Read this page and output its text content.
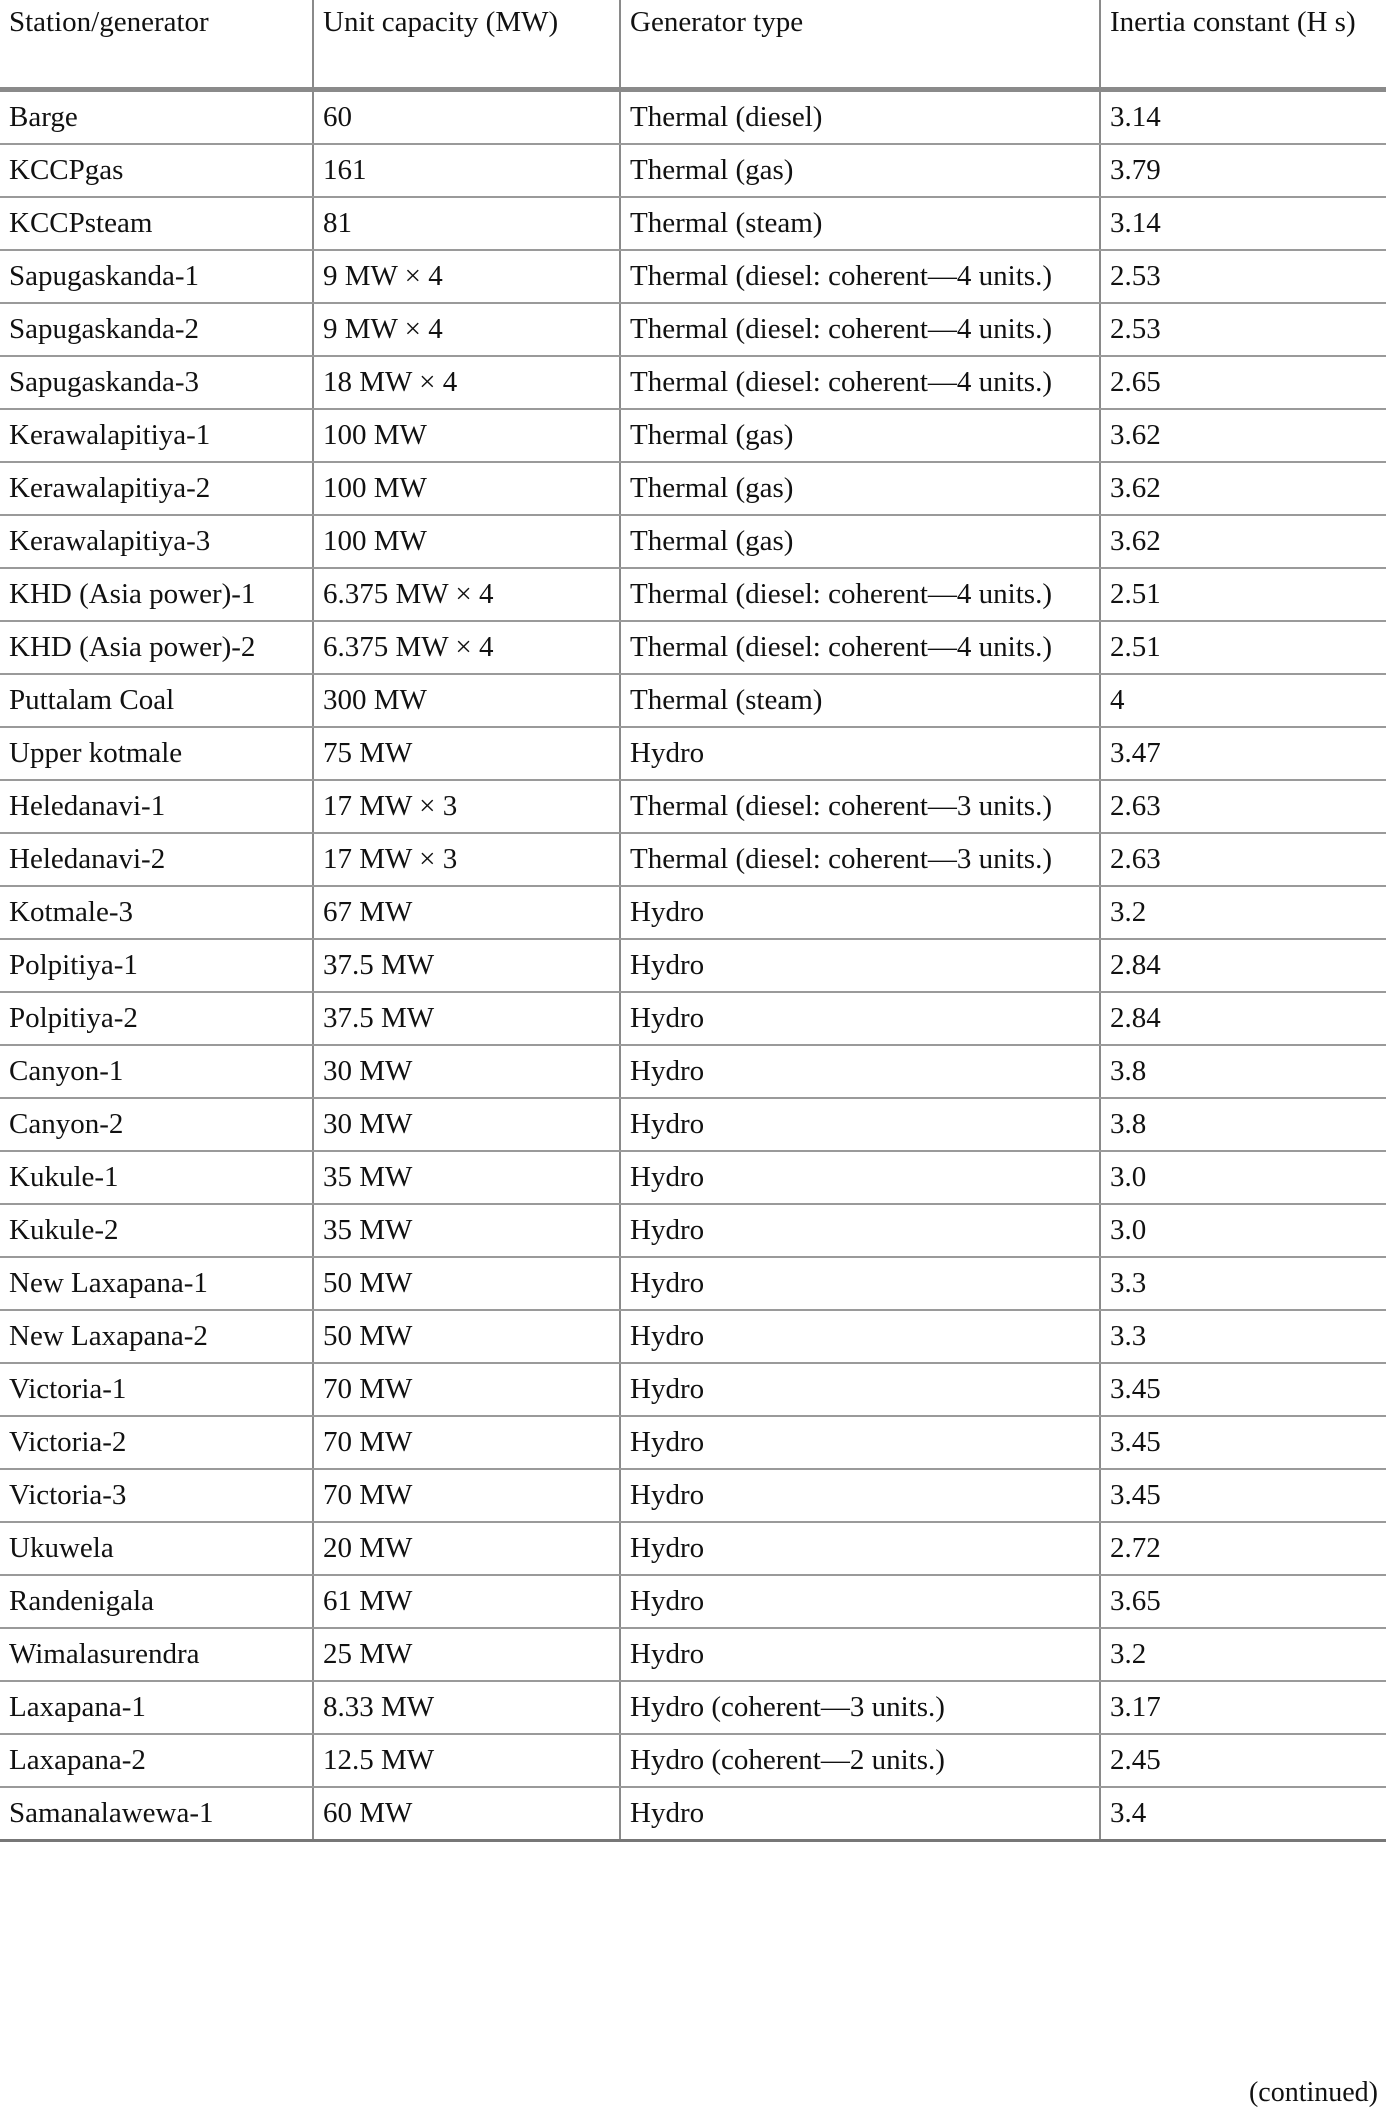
Station/generator	Unit capacity (MW)	Generator type	Inertia constant (H s)
Barge	60	Thermal (diesel)	3.14
KCCPgas	161	Thermal (gas)	3.79
KCCPsteam	81	Thermal (steam)	3.14
Sapugaskanda-1	9 MW × 4	Thermal (diesel: coherent—4 units.)	2.53
Sapugaskanda-2	9 MW × 4	Thermal (diesel: coherent—4 units.)	2.53
Sapugaskanda-3	18 MW × 4	Thermal (diesel: coherent—4 units.)	2.65
Kerawalapitiya-1	100 MW	Thermal (gas)	3.62
Kerawalapitiya-2	100 MW	Thermal (gas)	3.62
Kerawalapitiya-3	100 MW	Thermal (gas)	3.62
KHD (Asia power)-1	6.375 MW × 4	Thermal (diesel: coherent—4 units.)	2.51
KHD (Asia power)-2	6.375 MW × 4	Thermal (diesel: coherent—4 units.)	2.51
Puttalam Coal	300 MW	Thermal (steam)	4
Upper kotmale	75 MW	Hydro	3.47
Heledanavi-1	17 MW × 3	Thermal (diesel: coherent—3 units.)	2.63
Heledanavi-2	17 MW × 3	Thermal (diesel: coherent—3 units.)	2.63
Kotmale-3	67 MW	Hydro	3.2
Polpitiya-1	37.5 MW	Hydro	2.84
Polpitiya-2	37.5 MW	Hydro	2.84
Canyon-1	30 MW	Hydro	3.8
Canyon-2	30 MW	Hydro	3.8
Kukule-1	35 MW	Hydro	3.0
Kukule-2	35 MW	Hydro	3.0
New Laxapana-1	50 MW	Hydro	3.3
New Laxapana-2	50 MW	Hydro	3.3
Victoria-1	70 MW	Hydro	3.45
Victoria-2	70 MW	Hydro	3.45
Victoria-3	70 MW	Hydro	3.45
Ukuwela	20 MW	Hydro	2.72
Randenigala	61 MW	Hydro	3.65
Wimalasurendra	25 MW	Hydro	3.2
Laxapana-1	8.33 MW	Hydro (coherent—3 units.)	3.17
Laxapana-2	12.5 MW	Hydro (coherent—2 units.)	2.45
Samanalawewa-1	60 MW	Hydro	3.4
(continued)
